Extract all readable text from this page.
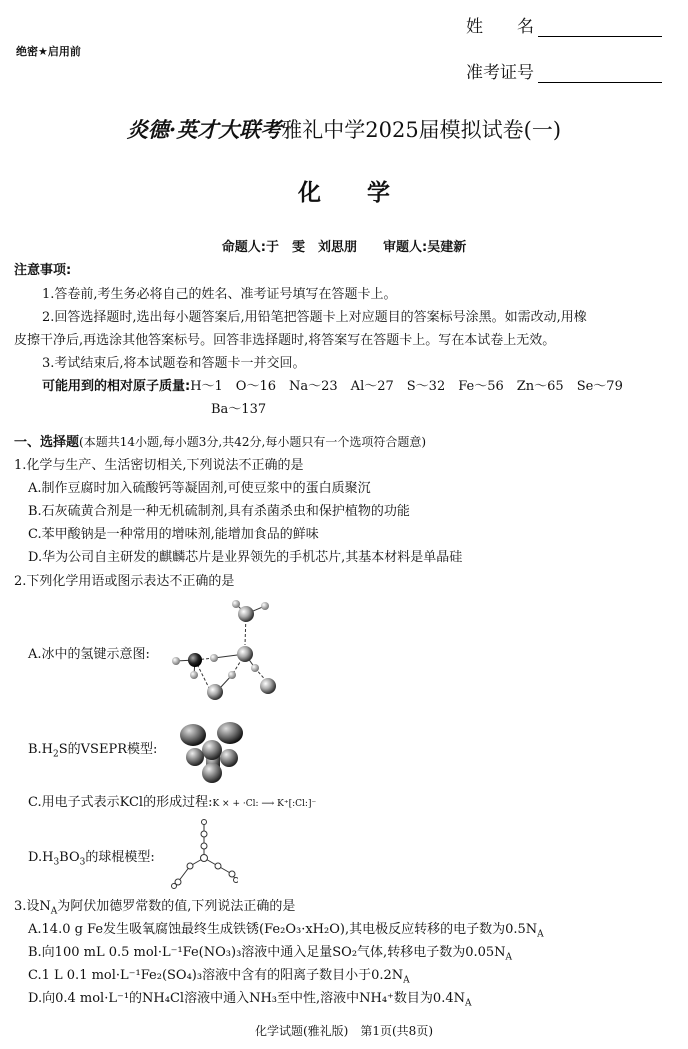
姓　　名
准考证号
绝密★启用前
炎德·英才大联考雅礼中学2025届模拟试卷(一)
化　　学
命题人:于　雯　刘思朋　　审题人:吴建新
注意事项:
1.答卷前,考生务必将自己的姓名、准考证号填写在答题卡上。
2.回答选择题时,选出每小题答案后,用铅笔把答题卡上对应题目的答案标号涂黑。如需改动,用橡
皮擦干净后,再选涂其他答案标号。回答非选择题时,将答案写在答题卡上。写在本试卷上无效。
3.考试结束后,将本试题卷和答题卡一并交回。
可能用到的相对原子质量:H～1　O～16　Na～23　Al～27　S～32　Fe～56　Zn～65　Se～79
Ba～137
一、选择题(本题共14小题,每小题3分,共42分,每小题只有一个选项符合题意)
1.化学与生产、生活密切相关,下列说法不正确的是
A.制作豆腐时加入硫酸钙等凝固剂,可使豆浆中的蛋白质聚沉
B.石灰硫黄合剂是一种无机硫制剂,具有杀菌杀虫和保护植物的功能
C.苯甲酸钠是一种常用的增味剂,能增加食品的鲜味
D.华为公司自主研发的麒麟芯片是业界领先的手机芯片,其基本材料是单晶硅
2.下列化学用语或图示表达不正确的是
A.冰中的氢键示意图:
$B.H_2S$的VSEPR模型:
C.用电子式表示KCl的形成过程:K × + ·Cl: ⟶ K⁺[:Cl:]⁻
$D.H_3BO_3$的球棍模型:
3.设$N_A$为阿伏加德罗常数的值,下列说法正确的是
A.14.0 g Fe发生吸氧腐蚀最终生成铁锈(Fe₂O₃·xH₂O),其电极反应转移的电子数为$0.5N_A$
B.向100 mL 0.5 mol·L⁻¹Fe(NO₃)₃溶液中通入足量SO₂气体,转移电子数为$0.05N_A$
C.1 L 0.1 mol·L⁻¹Fe₂(SO₄)₃溶液中含有的阳离子数目小于$0.2N_A$
D.向0.4 mol·L⁻¹的NH₄Cl溶液中通入NH₃至中性,溶液中NH₄⁺数目为$0.4N_A$
化学试题(雅礼版)　第1页(共8页)
